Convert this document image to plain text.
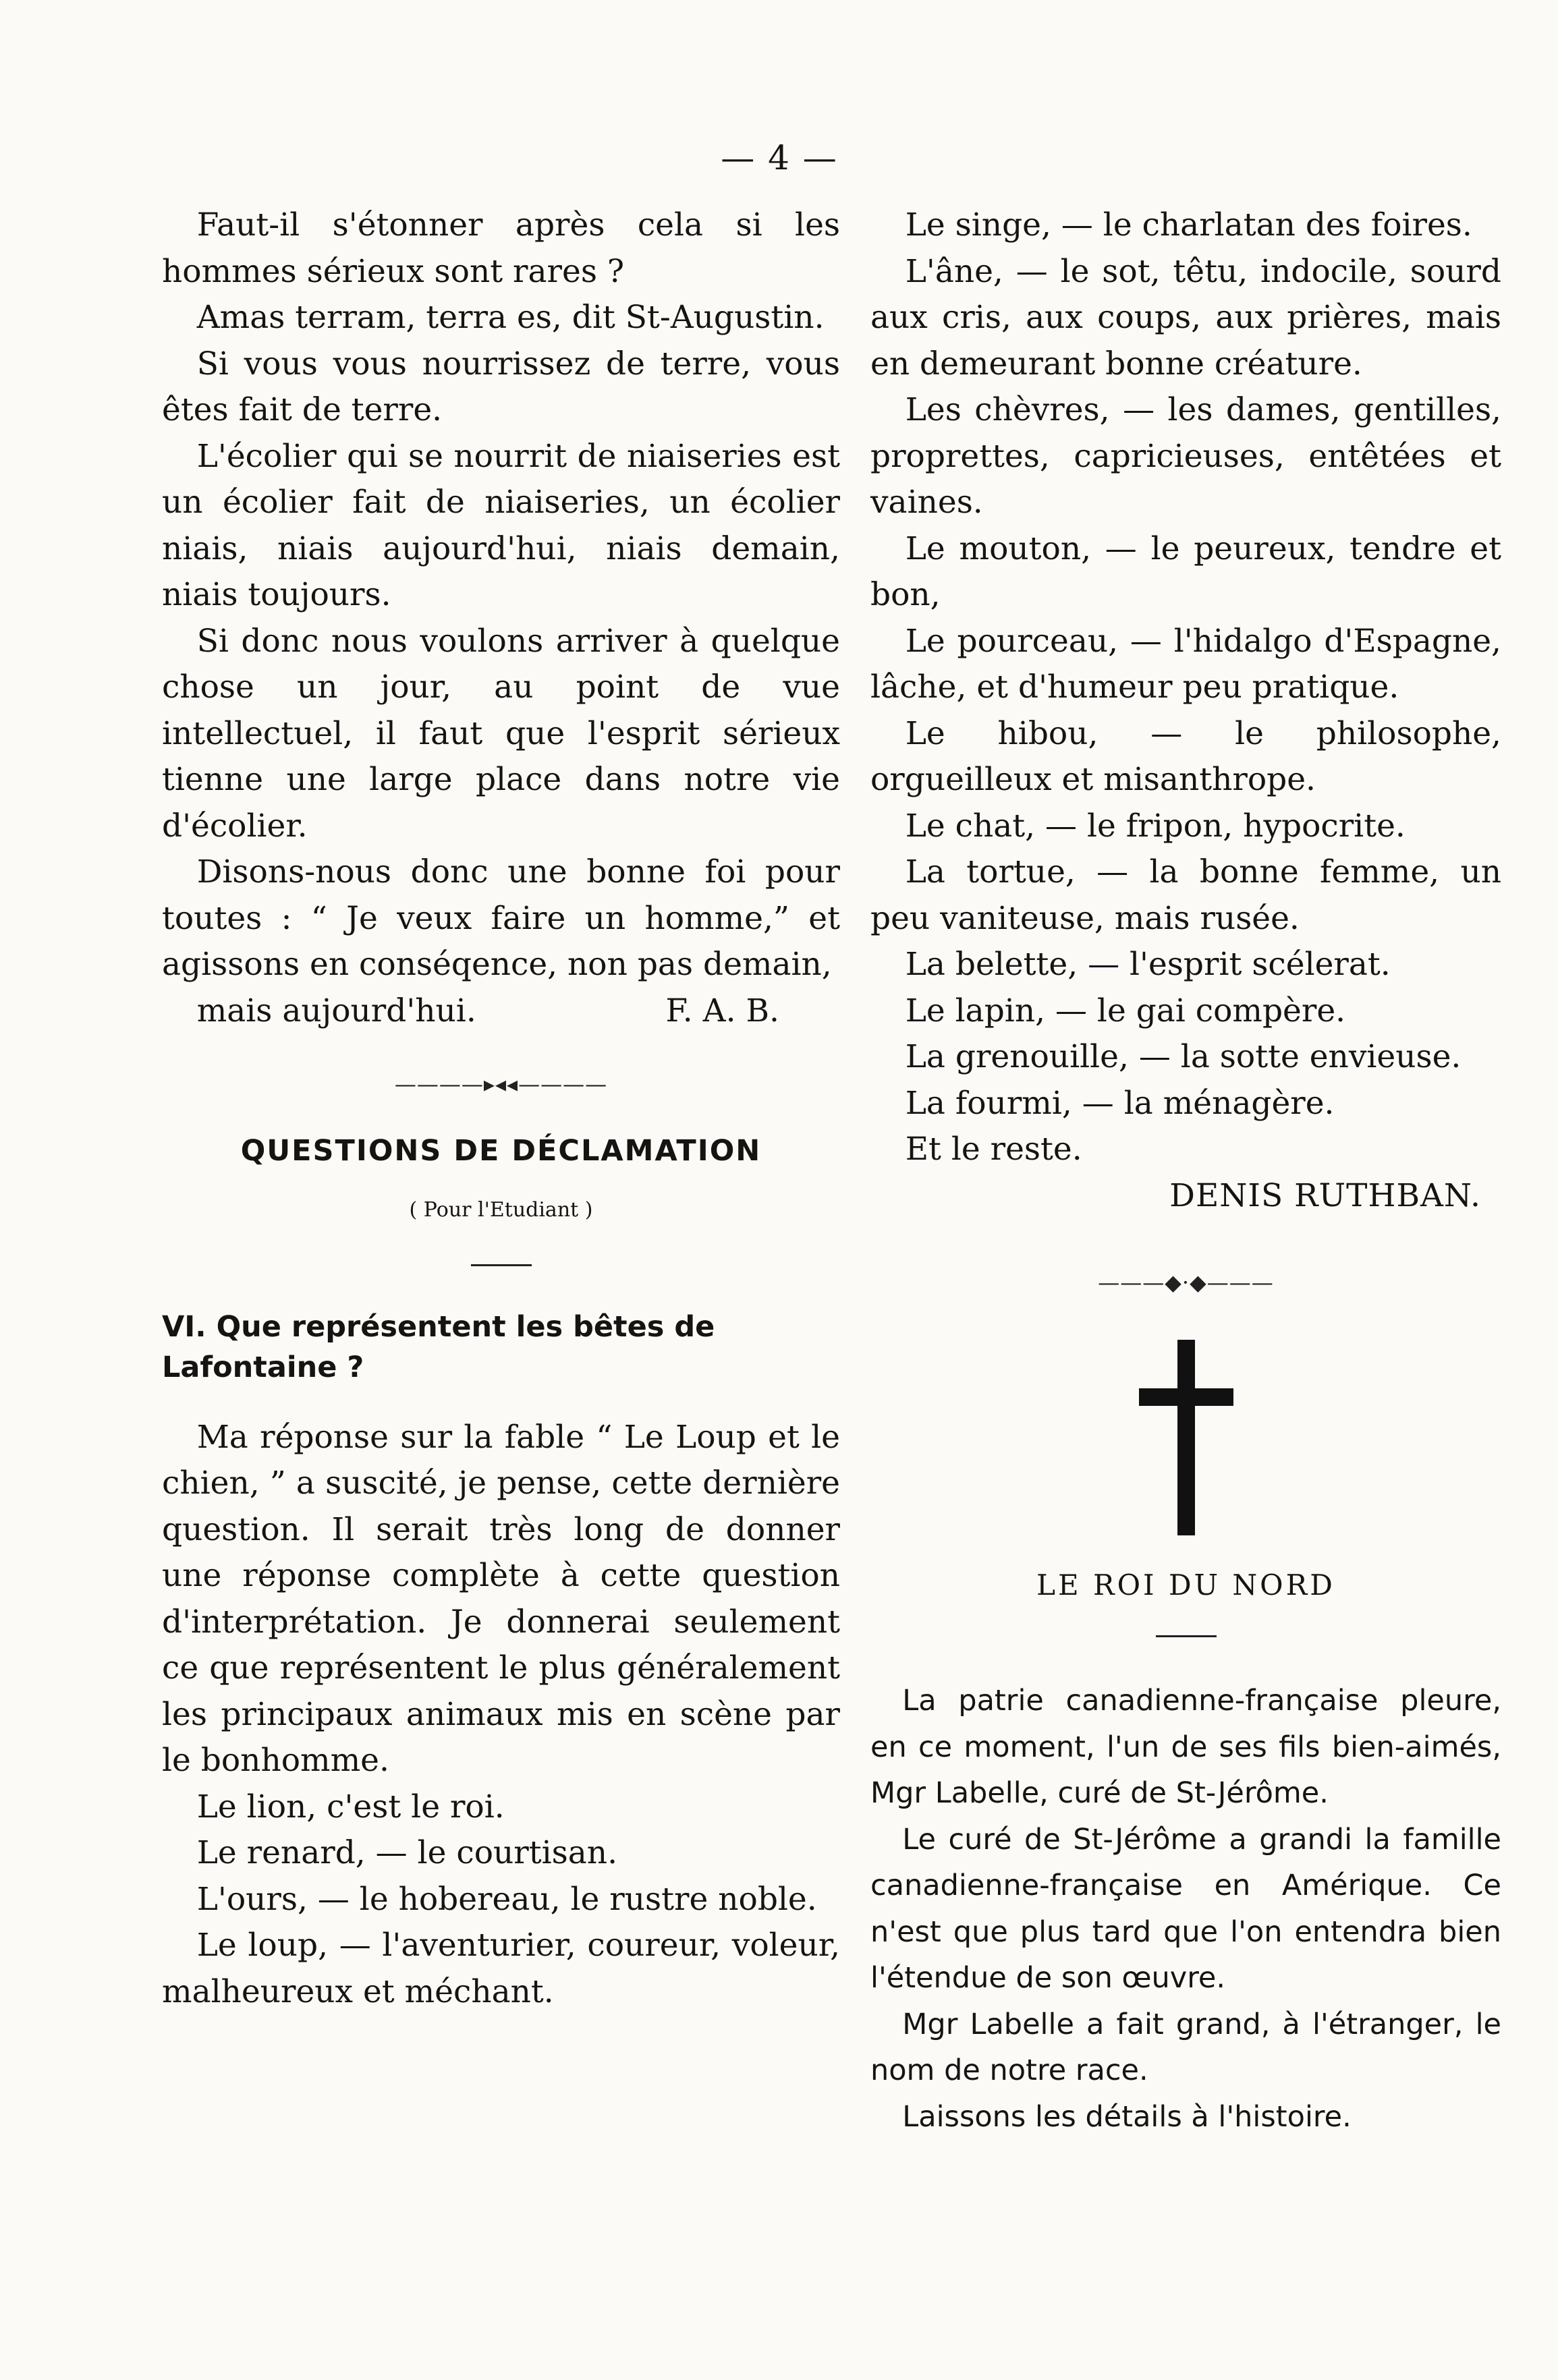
— 4 —

Faut-il s'étonner après cela si les hommes sérieux sont rares ?

Amas terram, terra es, dit St-Augustin.

Si vous vous nourrissez de terre, vous êtes fait de terre.

L'écolier qui se nourrit de niaiseries est un écolier fait de niaiseries, un écolier niais, niais aujourd'hui, niais demain, niais toujours.

Si donc nous voulons arriver à quelque chose un jour, au point de vue intellectuel, il faut que l'esprit sérieux tienne une large place dans notre vie d'écolier.

Disons-nous donc une bonne foi pour toutes : “ Je veux faire un homme,” et agissons en conséqence, non pas demain,

mais aujourd'hui.	F. A. B.
————▸◂◂————
QUESTIONS DE DÉCLAMATION
( Pour l'Etudiant )
VI. Que représentent les bêtes de Lafontaine ?

Ma réponse sur la fable “ Le Loup et le chien, ” a suscité, je pense, cette dernière question. Il serait très long de donner une réponse complète à cette question d'interprétation. Je donnerai seulement ce que représentent le plus généralement les principaux animaux mis en scène par le bonhomme.

Le lion, c'est le roi.

Le renard, — le courtisan.

L'ours, — le hobereau, le rustre noble.

Le loup, — l'aventurier, coureur, voleur, malheureux et méchant.

Le singe, — le charlatan des foires.

L'âne, — le sot, têtu, indocile, sourd aux cris, aux coups, aux prières, mais en demeurant bonne créature.

Les chèvres, — les dames, gentilles, proprettes, capricieuses, entêtées et vaines.

Le mouton, — le peureux, tendre et bon,

Le pourceau, — l'hidalgo d'Espagne, lâche, et d'humeur peu pratique.

Le hibou, — le philosophe, orgueilleux et misanthrope.

Le chat, — le fripon, hypocrite.

La tortue, — la bonne femme, un peu vaniteuse, mais rusée.

La belette, — l'esprit scélerat.

Le lapin, — le gai compère.

La grenouille, — la sotte envieuse.

La fourmi, — la ménagère.

Et le reste.

DENIS RUTHBAN.
———◆·◆———
LE ROI DU NORD

La patrie canadienne-française pleure, en ce moment, l'un de ses fils bien-aimés, Mgr Labelle, curé de St-Jérôme.

Le curé de St-Jérôme a grandi la famille canadienne-française en Amérique. Ce n'est que plus tard que l'on entendra bien l'étendue de son œuvre.

Mgr Labelle a fait grand, à l'étranger, le nom de notre race.

Laissons les détails à l'histoire.
